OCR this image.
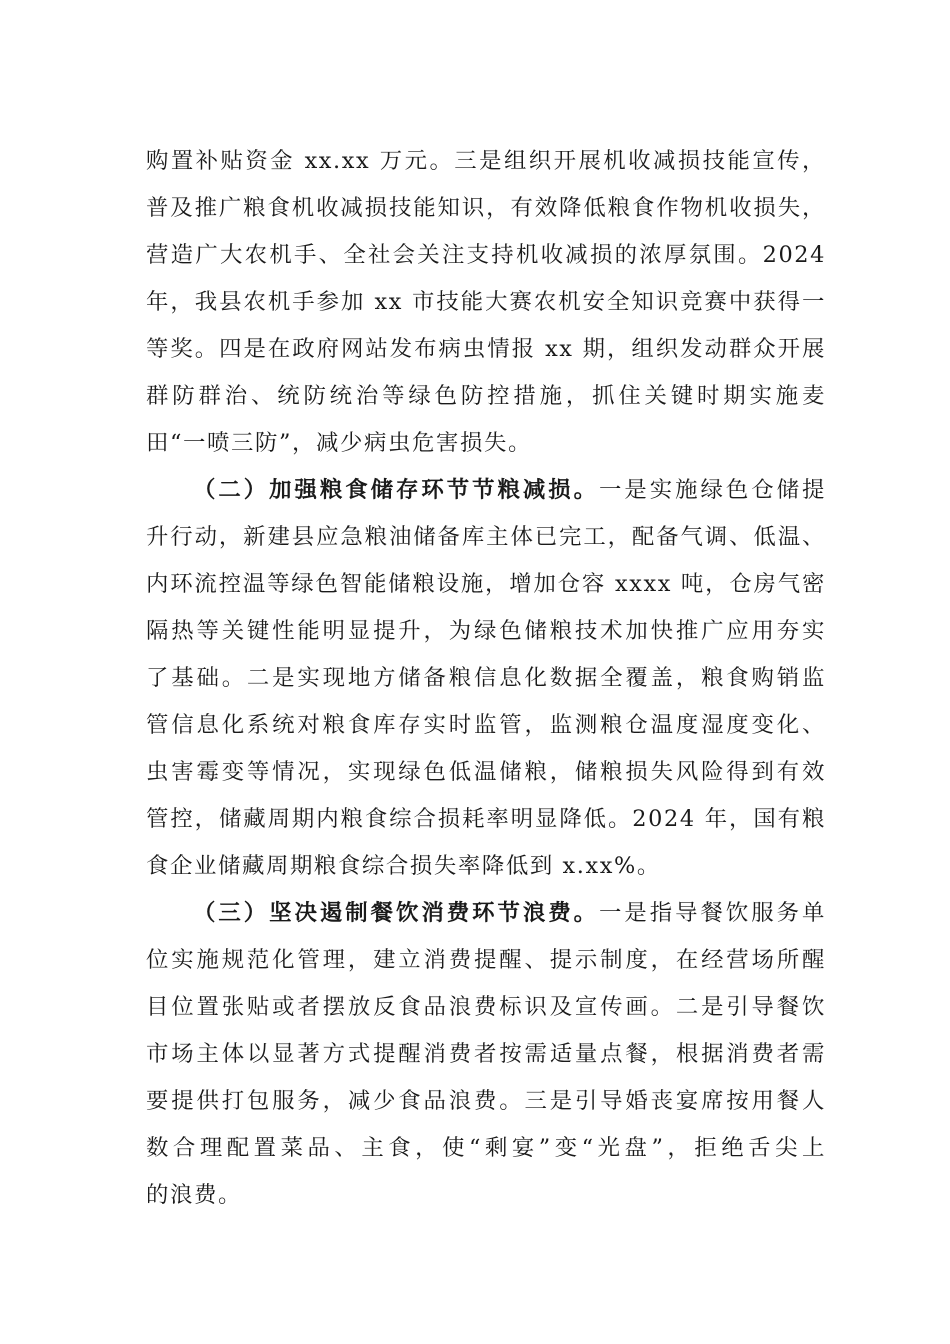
购置补贴资金 xx.xx 万元。三是组织开展机收减损技能宣传，
普及推广粮食机收减损技能知识，有效降低粮食作物机收损失，
营造广大农机手、全社会关注支持机收减损的浓厚氛围。2024
年，我县农机手参加 xx 市技能大赛农机安全知识竞赛中获得一
等奖。四是在政府网站发布病虫情报 xx 期，组织发动群众开展
群防群治、统防统治等绿色防控措施，抓住关键时期实施麦
田“一喷三防”，减少病虫危害损失。
（二）加强粮食储存环节节粮减损。一是实施绿色仓储提
升行动，新建县应急粮油储备库主体已完工，配备气调、低温、
内环流控温等绿色智能储粮设施，增加仓容 xxxx 吨，仓房气密
隔热等关键性能明显提升，为绿色储粮技术加快推广应用夯实
了基础。二是实现地方储备粮信息化数据全覆盖，粮食购销监
管信息化系统对粮食库存实时监管，监测粮仓温度湿度变化、
虫害霉变等情况，实现绿色低温储粮，储粮损失风险得到有效
管控，储藏周期内粮食综合损耗率明显降低。2024 年，国有粮
食企业储藏周期粮食综合损失率降低到 x.xx%。
（三）坚决遏制餐饮消费环节浪费。一是指导餐饮服务单
位实施规范化管理，建立消费提醒、提示制度，在经营场所醒
目位置张贴或者摆放反食品浪费标识及宣传画。二是引导餐饮
市场主体以显著方式提醒消费者按需适量点餐，根据消费者需
要提供打包服务，减少食品浪费。三是引导婚丧宴席按用餐人
数合理配置菜品、主食，使“剩宴”变“光盘”，拒绝舌尖上
的浪费。
